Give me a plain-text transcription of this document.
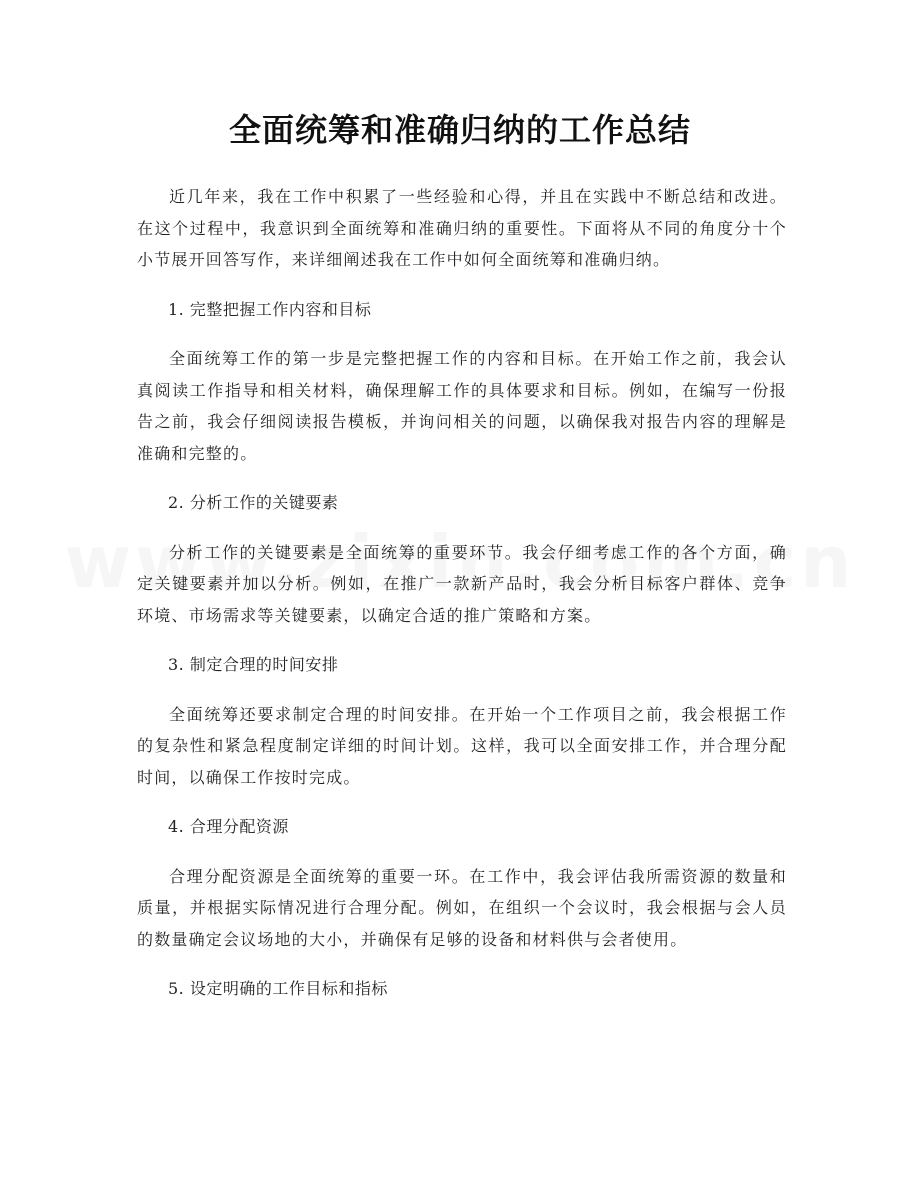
全面统筹和准确归纳的工作总结

近几年来，我在工作中积累了一些经验和心得，并且在实践中不断总结和改进。在这个过程中，我意识到全面统筹和准确归纳的重要性。下面将从不同的角度分十个小节展开回答写作，来详细阐述我在工作中如何全面统筹和准确归纳。

1. 完整把握工作内容和目标

全面统筹工作的第一步是完整把握工作的内容和目标。在开始工作之前，我会认真阅读工作指导和相关材料，确保理解工作的具体要求和目标。例如，在编写一份报告之前，我会仔细阅读报告模板，并询问相关的问题，以确保我对报告内容的理解是准确和完整的。

2. 分析工作的关键要素

分析工作的关键要素是全面统筹的重要环节。我会仔细考虑工作的各个方面，确定关键要素并加以分析。例如，在推广一款新产品时，我会分析目标客户群体、竞争环境、市场需求等关键要素，以确定合适的推广策略和方案。

3. 制定合理的时间安排

全面统筹还要求制定合理的时间安排。在开始一个工作项目之前，我会根据工作的复杂性和紧急程度制定详细的时间计划。这样，我可以全面安排工作，并合理分配时间，以确保工作按时完成。

4. 合理分配资源

合理分配资源是全面统筹的重要一环。在工作中，我会评估我所需资源的数量和质量，并根据实际情况进行合理分配。例如，在组织一个会议时，我会根据与会人员的数量确定会议场地的大小，并确保有足够的设备和材料供与会者使用。

5. 设定明确的工作目标和指标
